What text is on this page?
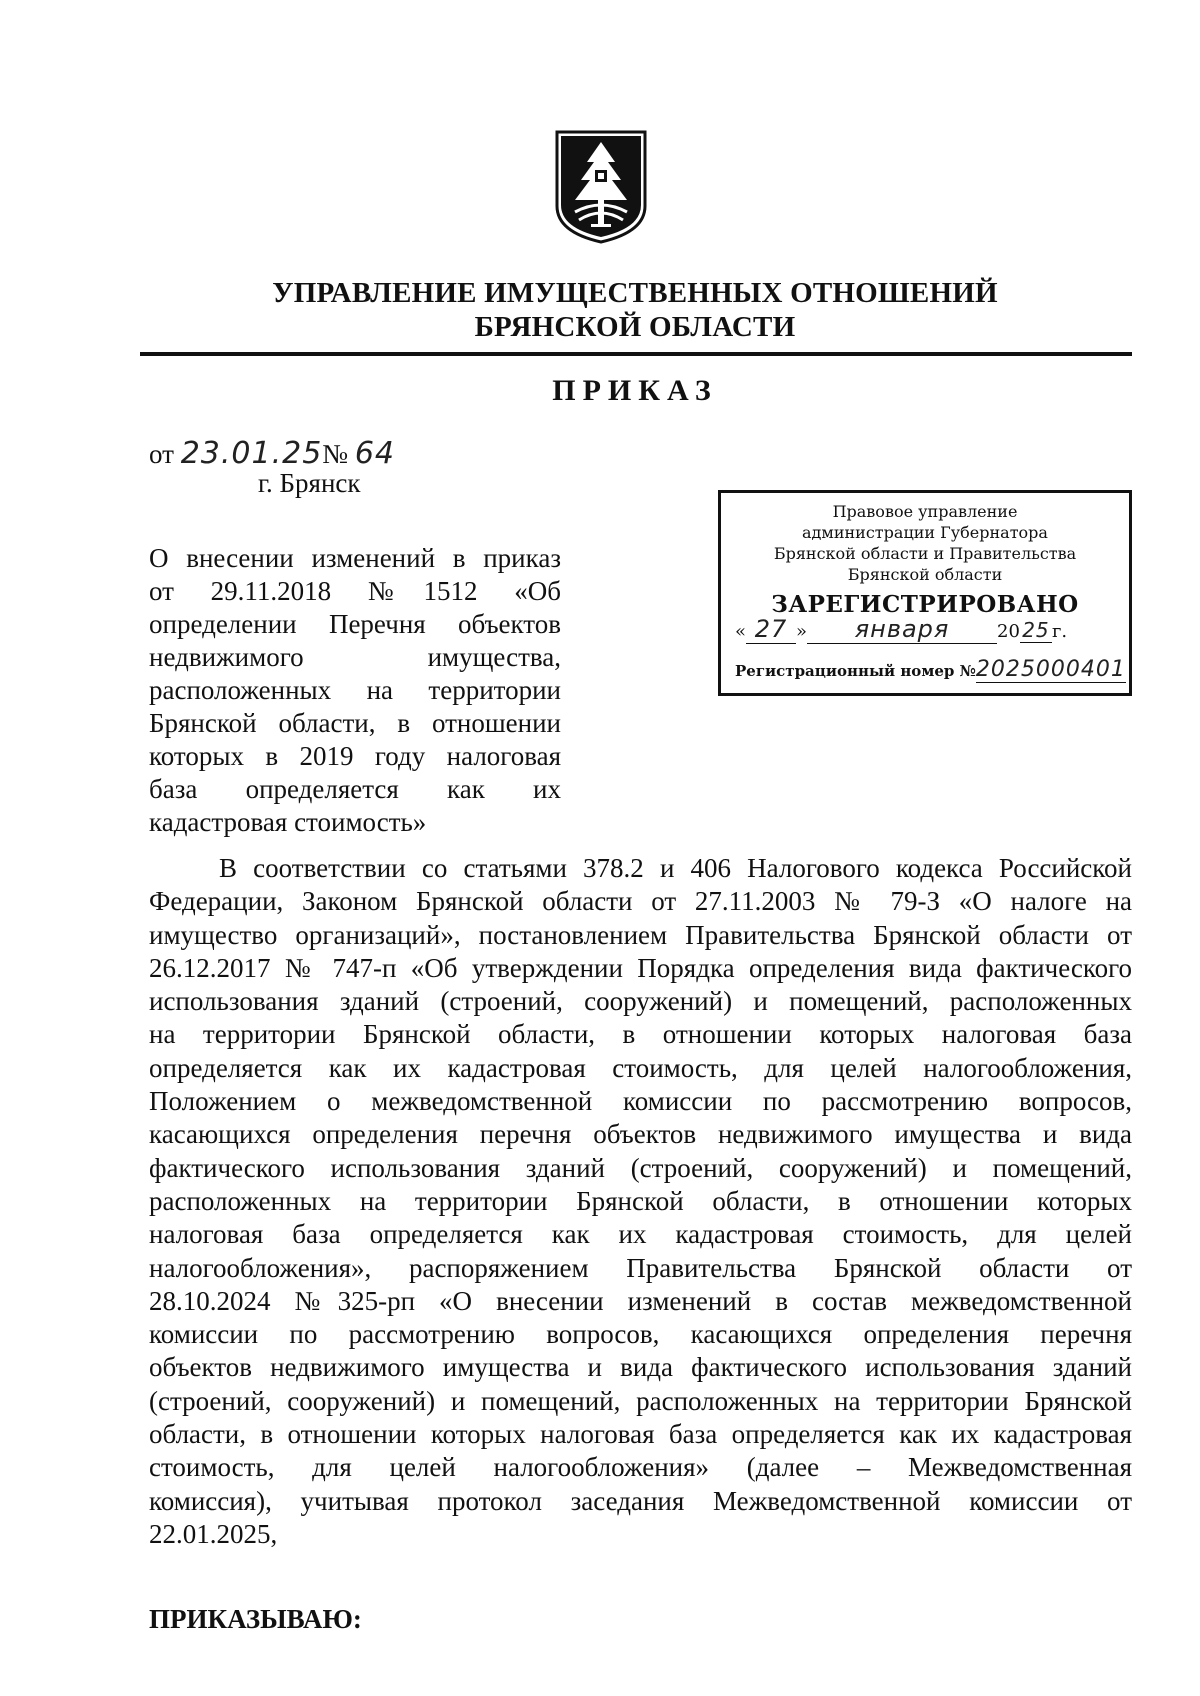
УПРАВЛЕНИЕ ИМУЩЕСТВЕННЫХ ОТНОШЕНИЙ
БРЯНСКОЙ ОБЛАСТИ
ПРИКАЗ
от 23.01.25№ 64
г. Брянск
О внесении изменений в приказ
от 29.11.2018 №1512 «Об
определении Перечня объектов
недвижимого имущества,
расположенных на территории
Брянской области, в отношении
которых в 2019 году налоговая
база определяется как их
кадастровая стоимость»
Правовое управление
администрации Губернатора
Брянской области и Правительства
Брянской области
ЗАРЕГИСТРИРОВАНО
« 27 » января	20 25 г.
Регистрационный номер №2025000401
В соответствии со статьями 378.2 и 406 Налогового кодекса Российской
Федерации, Законом Брянской области от 27.11.2003 № 79-З «О налоге на
имущество организаций», постановлением Правительства Брянской области от
26.12.2017 № 747-п «Об утверждении Порядка определения вида фактического
использования зданий (строений, сооружений) и помещений, расположенных
на территории Брянской области, в отношении которых налоговая база
определяется как их кадастровая стоимость, для целей налогообложения,
Положением о межведомственной комиссии по рассмотрению вопросов,
касающихся определения перечня объектов недвижимого имущества и вида
фактического использования зданий (строений, сооружений) и помещений,
расположенных на территории Брянской области, в отношении которых
налоговая база определяется как их кадастровая стоимость, для целей
налогообложения», распоряжением Правительства Брянской области от
28.10.2024 №325-рп «О внесении изменений в состав межведомственной
комиссии по рассмотрению вопросов, касающихся определения перечня
объектов недвижимого имущества и вида фактического использования зданий
(строений, сооружений) и помещений, расположенных на территории Брянской
области, в отношении которых налоговая база определяется как их кадастровая
стоимость, для целей налогообложения» (далее – Межведомственная
комиссия), учитывая протокол заседания Межведомственной комиссии от
22.01.2025,
ПРИКАЗЫВАЮ:
